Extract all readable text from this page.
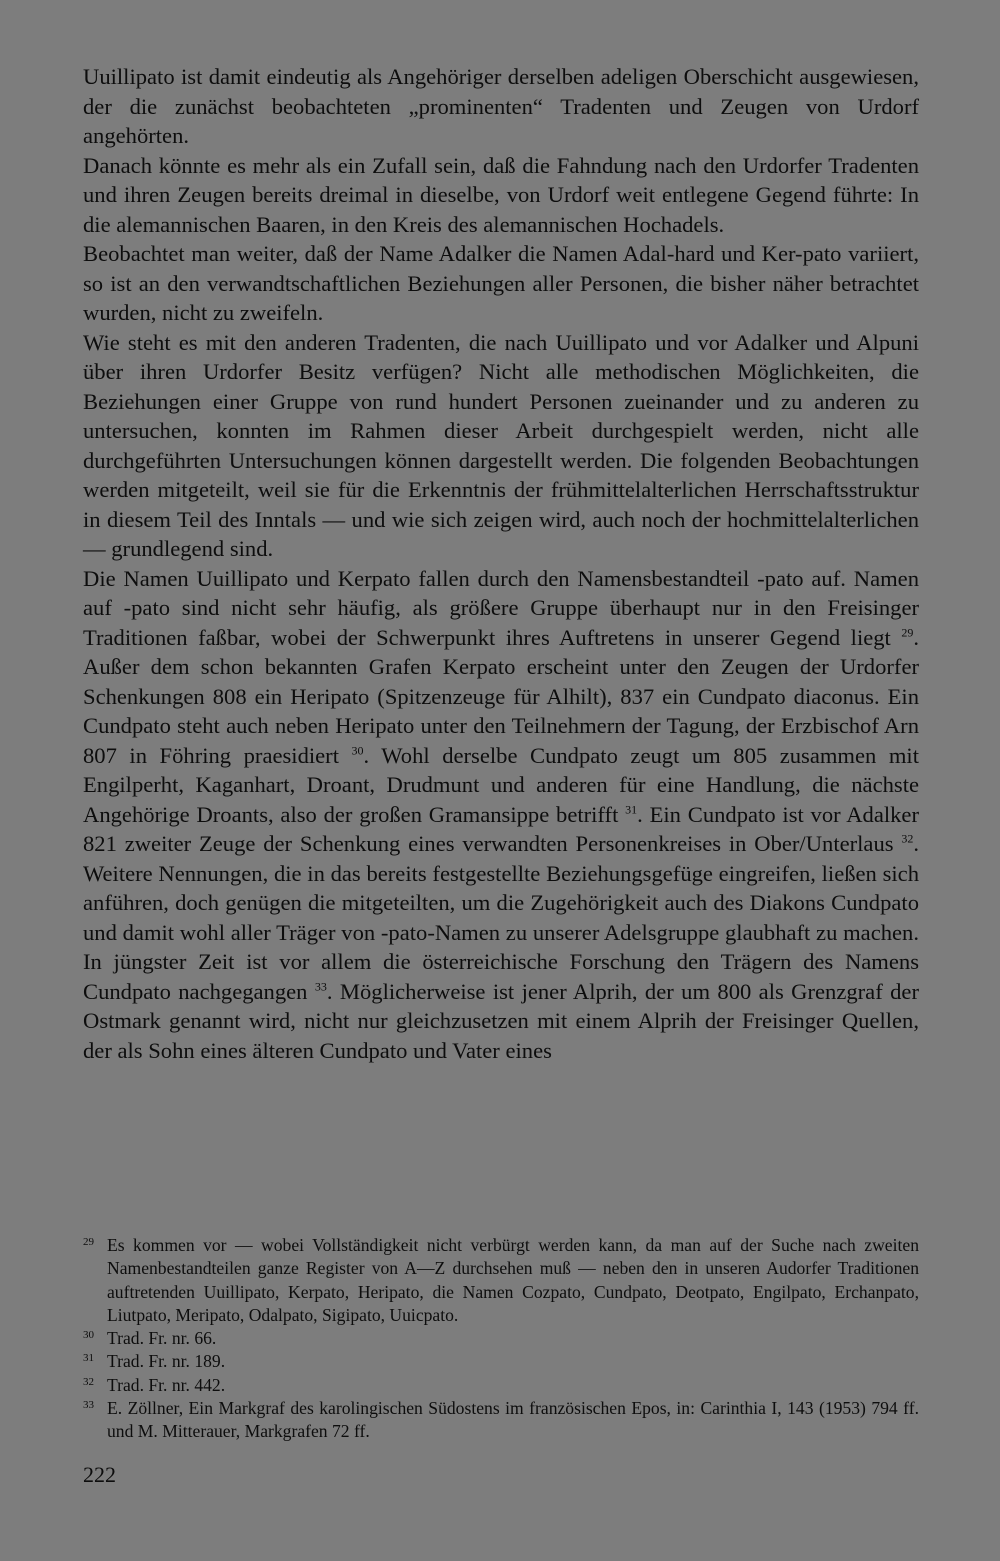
Uuillipato ist damit eindeutig als Angehöriger derselben adeligen Oberschicht ausgewiesen, der die zunächst beobachteten „prominenten“ Tradenten und Zeugen von Urdorf angehörten.

Danach könnte es mehr als ein Zufall sein, daß die Fahndung nach den Urdorfer Tradenten und ihren Zeugen bereits dreimal in dieselbe, von Urdorf weit entlegene Gegend führte: In die alemannischen Baaren, in den Kreis des alemannischen Hochadels.

Beobachtet man weiter, daß der Name Adalker die Namen Adal-hard und Ker-pato variiert, so ist an den verwandtschaftlichen Beziehungen aller Personen, die bisher näher betrachtet wurden, nicht zu zweifeln.

Wie steht es mit den anderen Tradenten, die nach Uuillipato und vor Adalker und Alpuni über ihren Urdorfer Besitz verfügen? Nicht alle methodischen Möglichkeiten, die Beziehungen einer Gruppe von rund hundert Personen zueinander und zu anderen zu untersuchen, konnten im Rahmen dieser Arbeit durchgespielt werden, nicht alle durchgeführten Untersuchungen können dargestellt werden. Die folgenden Beobachtungen werden mitgeteilt, weil sie für die Erkenntnis der frühmittelalterlichen Herrschaftsstruktur in diesem Teil des Inntals — und wie sich zeigen wird, auch noch der hochmittelalterlichen — grundlegend sind.

Die Namen Uuillipato und Kerpato fallen durch den Namensbestandteil -pato auf. Namen auf -pato sind nicht sehr häufig, als größere Gruppe überhaupt nur in den Freisinger Traditionen faßbar, wobei der Schwerpunkt ihres Auftretens in unserer Gegend liegt $^{29}$. Außer dem schon bekannten Grafen Kerpato erscheint unter den Zeugen der Urdorfer Schenkungen 808 ein Heripato (Spitzenzeuge für Alhilt), 837 ein Cundpato diaconus. Ein Cundpato steht auch neben Heripato unter den Teilnehmern der Tagung, der Erzbischof Arn 807 in Föhring praesidiert $^{30}$. Wohl derselbe Cundpato zeugt um 805 zusammen mit Engilperht, Kaganhart, Droant, Drudmunt und anderen für eine Handlung, die nächste Angehörige Droants, also der großen Gramansippe betrifft $^{31}$. Ein Cundpato ist vor Adalker 821 zweiter Zeuge der Schenkung eines verwandten Personenkreises in Ober/Unterlaus $^{32}$. Weitere Nennungen, die in das bereits festgestellte Beziehungsgefüge eingreifen, ließen sich anführen, doch genügen die mitgeteilten, um die Zugehörigkeit auch des Diakons Cundpato und damit wohl aller Träger von -pato-Namen zu unserer Adelsgruppe glaubhaft zu machen. In jüngster Zeit ist vor allem die österreichische Forschung den Trägern des Namens Cundpato nachgegangen $^{33}$. Möglicherweise ist jener Alprih, der um 800 als Grenzgraf der Ostmark genannt wird, nicht nur gleichzusetzen mit einem Alprih der Freisinger Quellen, der als Sohn eines älteren Cundpato und Vater eines

29 Es kommen vor — wobei Vollständigkeit nicht verbürgt werden kann, da man auf der Suche nach zweiten Namenbestandteilen ganze Register von A—Z durchsehen muß — neben den in unseren Audorfer Traditionen auftretenden Uuillipato, Kerpato, Heripato, die Namen Cozpato, Cundpato, Deotpato, Engilpato, Erchanpato, Liutpato, Meripato, Odalpato, Sigipato, Uuicpato.
30 Trad. Fr. nr. 66.
31 Trad. Fr. nr. 189.
32 Trad. Fr. nr. 442.
33 E. Zöllner, Ein Markgraf des karolingischen Südostens im französischen Epos, in: Carinthia I, 143 (1953) 794 ff. und M. Mitterauer, Markgrafen 72 ff.
222
